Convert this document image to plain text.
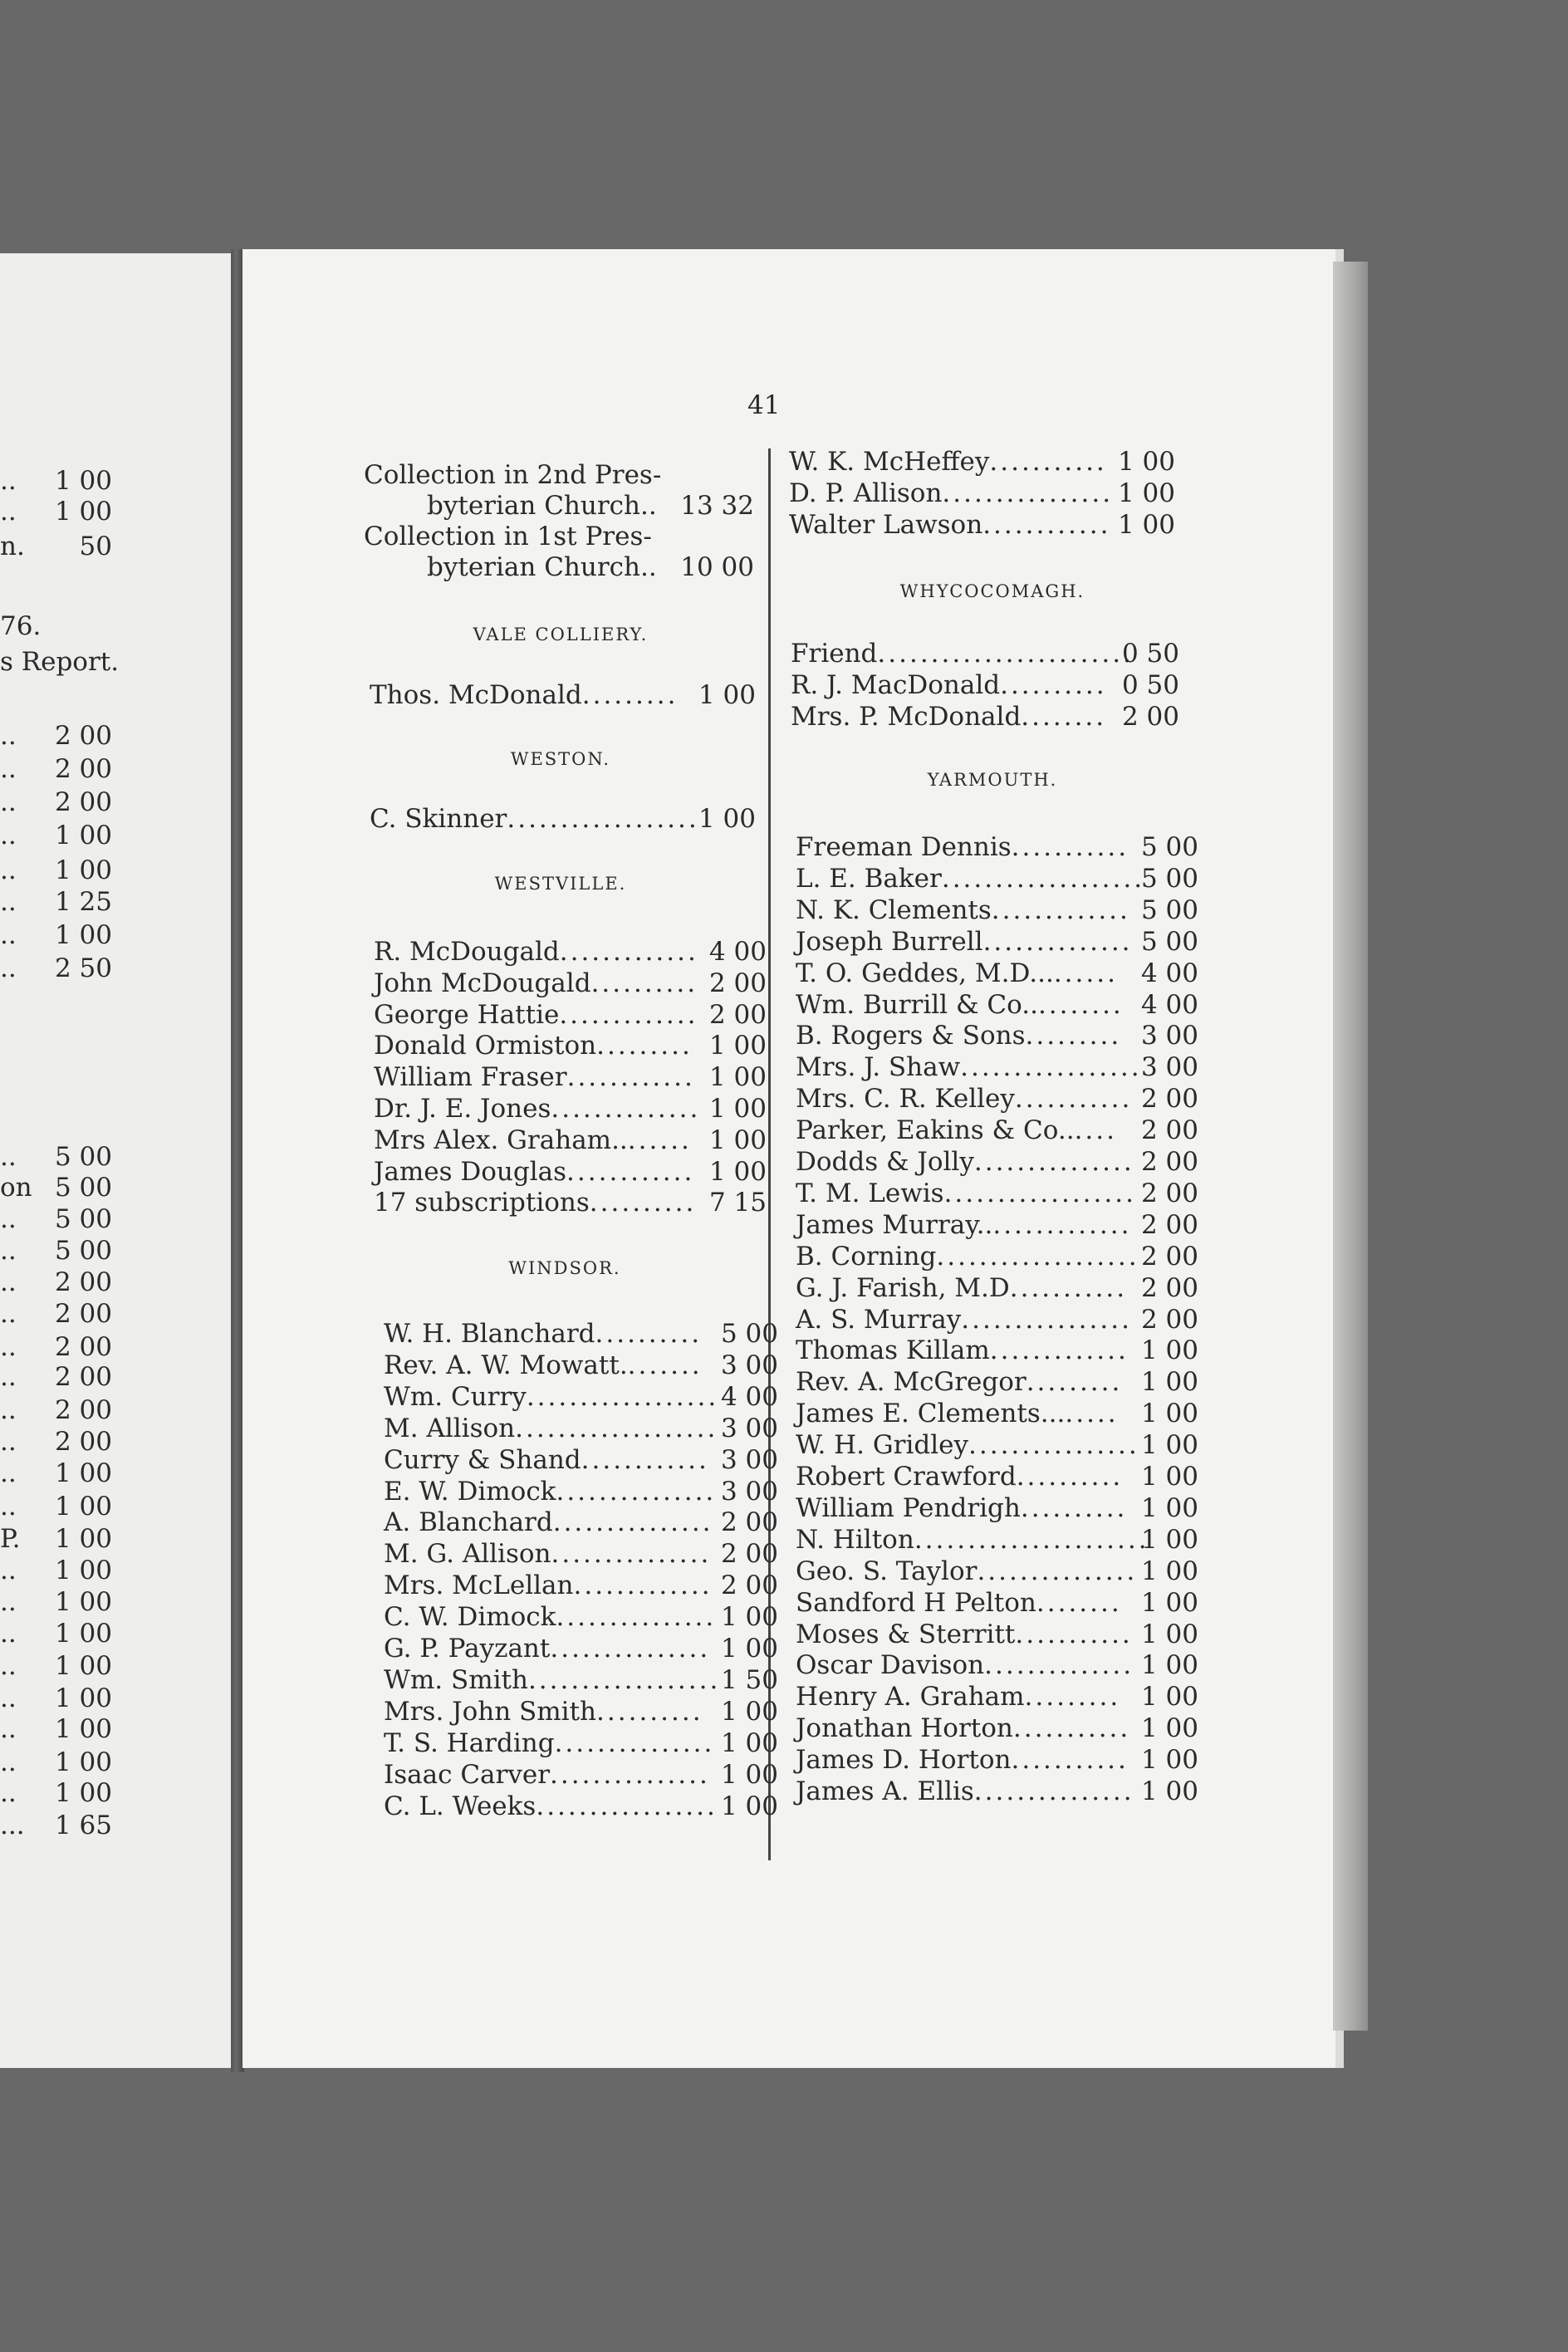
.. 1 00
.. 1 00
n. 50
76.
s Report.
.. 2 00
.. 2 00
.. 2 00
.. 1 00
.. 1 00
.. 1 25
.. 1 00
.. 2 50
.. 5 00
on 5 00
.. 5 00
.. 5 00
.. 2 00
.. 2 00
.. 2 00
.. 2 00
.. 2 00
.. 2 00
.. 1 00
.. 1 00
P. 1 00
.. 1 00
.. 1 00
.. 1 00
.. 1 00
.. 1 00
.. 1 00
.. 1 00
.. 1 00
... 1 65
41
Collection in 2nd Pres-
byterian Church.. 13 32
Collection in 1st Pres-
byterian Church.. 10 00
VALE COLLIERY.
Thos. McDonald......... 1 00
WESTON.
C. Skinner.................. 1 00
WESTVILLE.
R. McDougald............. 4 00
John McDougald.......... 2 00
George Hattie............. 2 00
Donald Ormiston......... 1 00
William Fraser............ 1 00
Dr. J. E. Jones.............. 1 00
Mrs Alex. Graham........ 1 00
James Douglas............ 1 00
17 subscriptions.......... 7 15
WINDSOR.
W. H. Blanchard.......... 5 00
Rev. A. W. Mowatt........ 3 00
Wm. Curry.................. 4 00
M. Allison................... 3 00
Curry & Shand............ 3 00
E. W. Dimock............... 3 00
A. Blanchard............... 2 00
M. G. Allison............... 2 00
Mrs. McLellan............. 2 00
C. W. Dimock............... 1 00
G. P. Payzant............... 1 00
Wm. Smith.................. 1 50
Mrs. John Smith.......... 1 00
T. S. Harding............... 1 00
Isaac Carver............... 1 00
C. L. Weeks................. 1 00
W. K. McHeffey........... 1 00
D. P. Allison................ 1 00
Walter Lawson............ 1 00
WHYCOCOMAGH.
Friend........................
0 50
R. J. MacDonald.......... 0 50
Mrs. P. McDonald........ 2 00
YARMOUTH.
Freeman Dennis........... 5 00
L. E. Baker...................
5 00
N. K. Clements............. 5 00
Joseph Burrell.............. 5 00
T. O. Geddes, M.D......... 4 00
Wm. Burrill & Co.......... 4 00
B. Rogers & Sons......... 3 00
Mrs. J. Shaw................. 3 00
Mrs. C. R. Kelley........... 2 00
Parker, Eakins & Co...... 2 00
Dodds & Jolly............... 2 00
T. M. Lewis.................. 2 00
James Murray............... 2 00
B. Corning................... 2 00
G. J. Farish, M.D........... 2 00
A. S. Murray................ 2 00
Thomas Killam............. 1 00
Rev. A. McGregor......... 1 00
James E. Clements........ 1 00
W. H. Gridley................ 1 00
Robert Crawford.......... 1 00
William Pendrigh.......... 1 00
N. Hilton......................
1 00
Geo. S. Taylor............... 1 00
Sandford H Pelton........ 1 00
Moses & Sterritt........... 1 00
Oscar Davison.............. 1 00
Henry A. Graham......... 1 00
Jonathan Horton........... 1 00
James D. Horton........... 1 00
James A. Ellis............... 1 00
